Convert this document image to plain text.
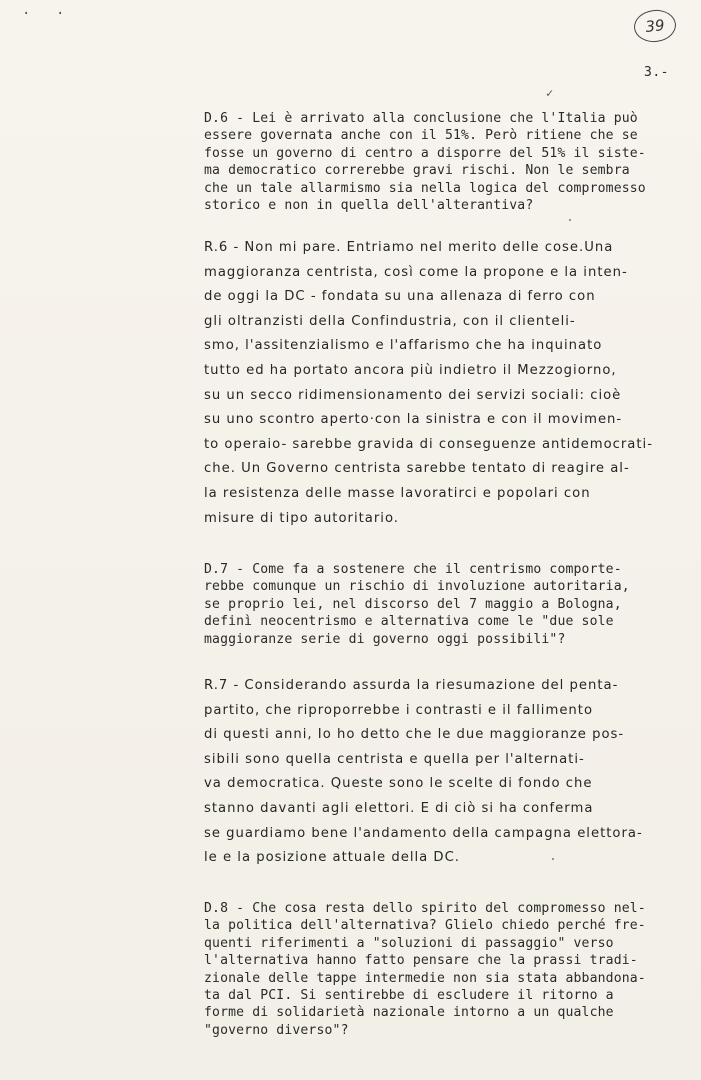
39
3.-
· ·
✓
D.6 - Lei è arrivato alla conclusione che l'Italia può
essere governata anche con il 51%. Però ritiene che se
fosse un governo di centro a disporre del 51% il siste-
ma democratico correrebbe gravi rischi. Non le sembra
che un tale allarmismo sia nella logica del compromesso
storico e non in quella dell'alterantiva?
R.6 - Non mi pare. Entriamo nel merito delle cose.Una
maggioranza centrista, così come la propone e la inten-
de oggi la DC - fondata su una allenaza di ferro con
gli oltranzisti della Confindustria, con il clienteli-
smo, l'assitenzialismo e l'affarismo che ha inquinato
tutto ed ha portato ancora più indietro il Mezzogiorno,
su un secco ridimensionamento dei servizi sociali: cioè
su uno scontro aperto·con la sinistra e con il movimen-
to operaio- sarebbe gravida di conseguenze antidemocrati-
che. Un Governo centrista sarebbe tentato di reagire al-
la resistenza delle masse lavoratirci e popolari con
misure di tipo autoritario.
D.7 - Come fa a sostenere che il centrismo comporte-
rebbe comunque un rischio di involuzione autoritaria,
se proprio lei, nel discorso del 7 maggio a Bologna,
definì neocentrismo e alternativa come le "due sole
maggioranze serie di governo oggi possibili"?
R.7 - Considerando assurda la riesumazione del penta-
partito, che riproporrebbe i contrasti e il fallimento
di questi anni, Io ho detto che le due maggioranze pos-
sibili sono quella centrista e quella per l'alternati-
va democratica. Queste sono le scelte di fondo che
stanno davanti agli elettori. E di ciò si ha conferma
se guardiamo bene l'andamento della campagna elettora-
le e la posizione attuale della DC.
D.8 - Che cosa resta dello spirito del compromesso nel-
la politica dell'alternativa? Glielo chiedo perché fre-
quenti riferimenti a "soluzioni di passaggio" verso
l'alternativa hanno fatto pensare che la prassi tradi-
zionale delle tappe intermedie non sia stata abbandona-
ta dal PCI. Si sentirebbe di escludere il ritorno a
forme di solidarietà nazionale intorno a un qualche
"governo diverso"?
